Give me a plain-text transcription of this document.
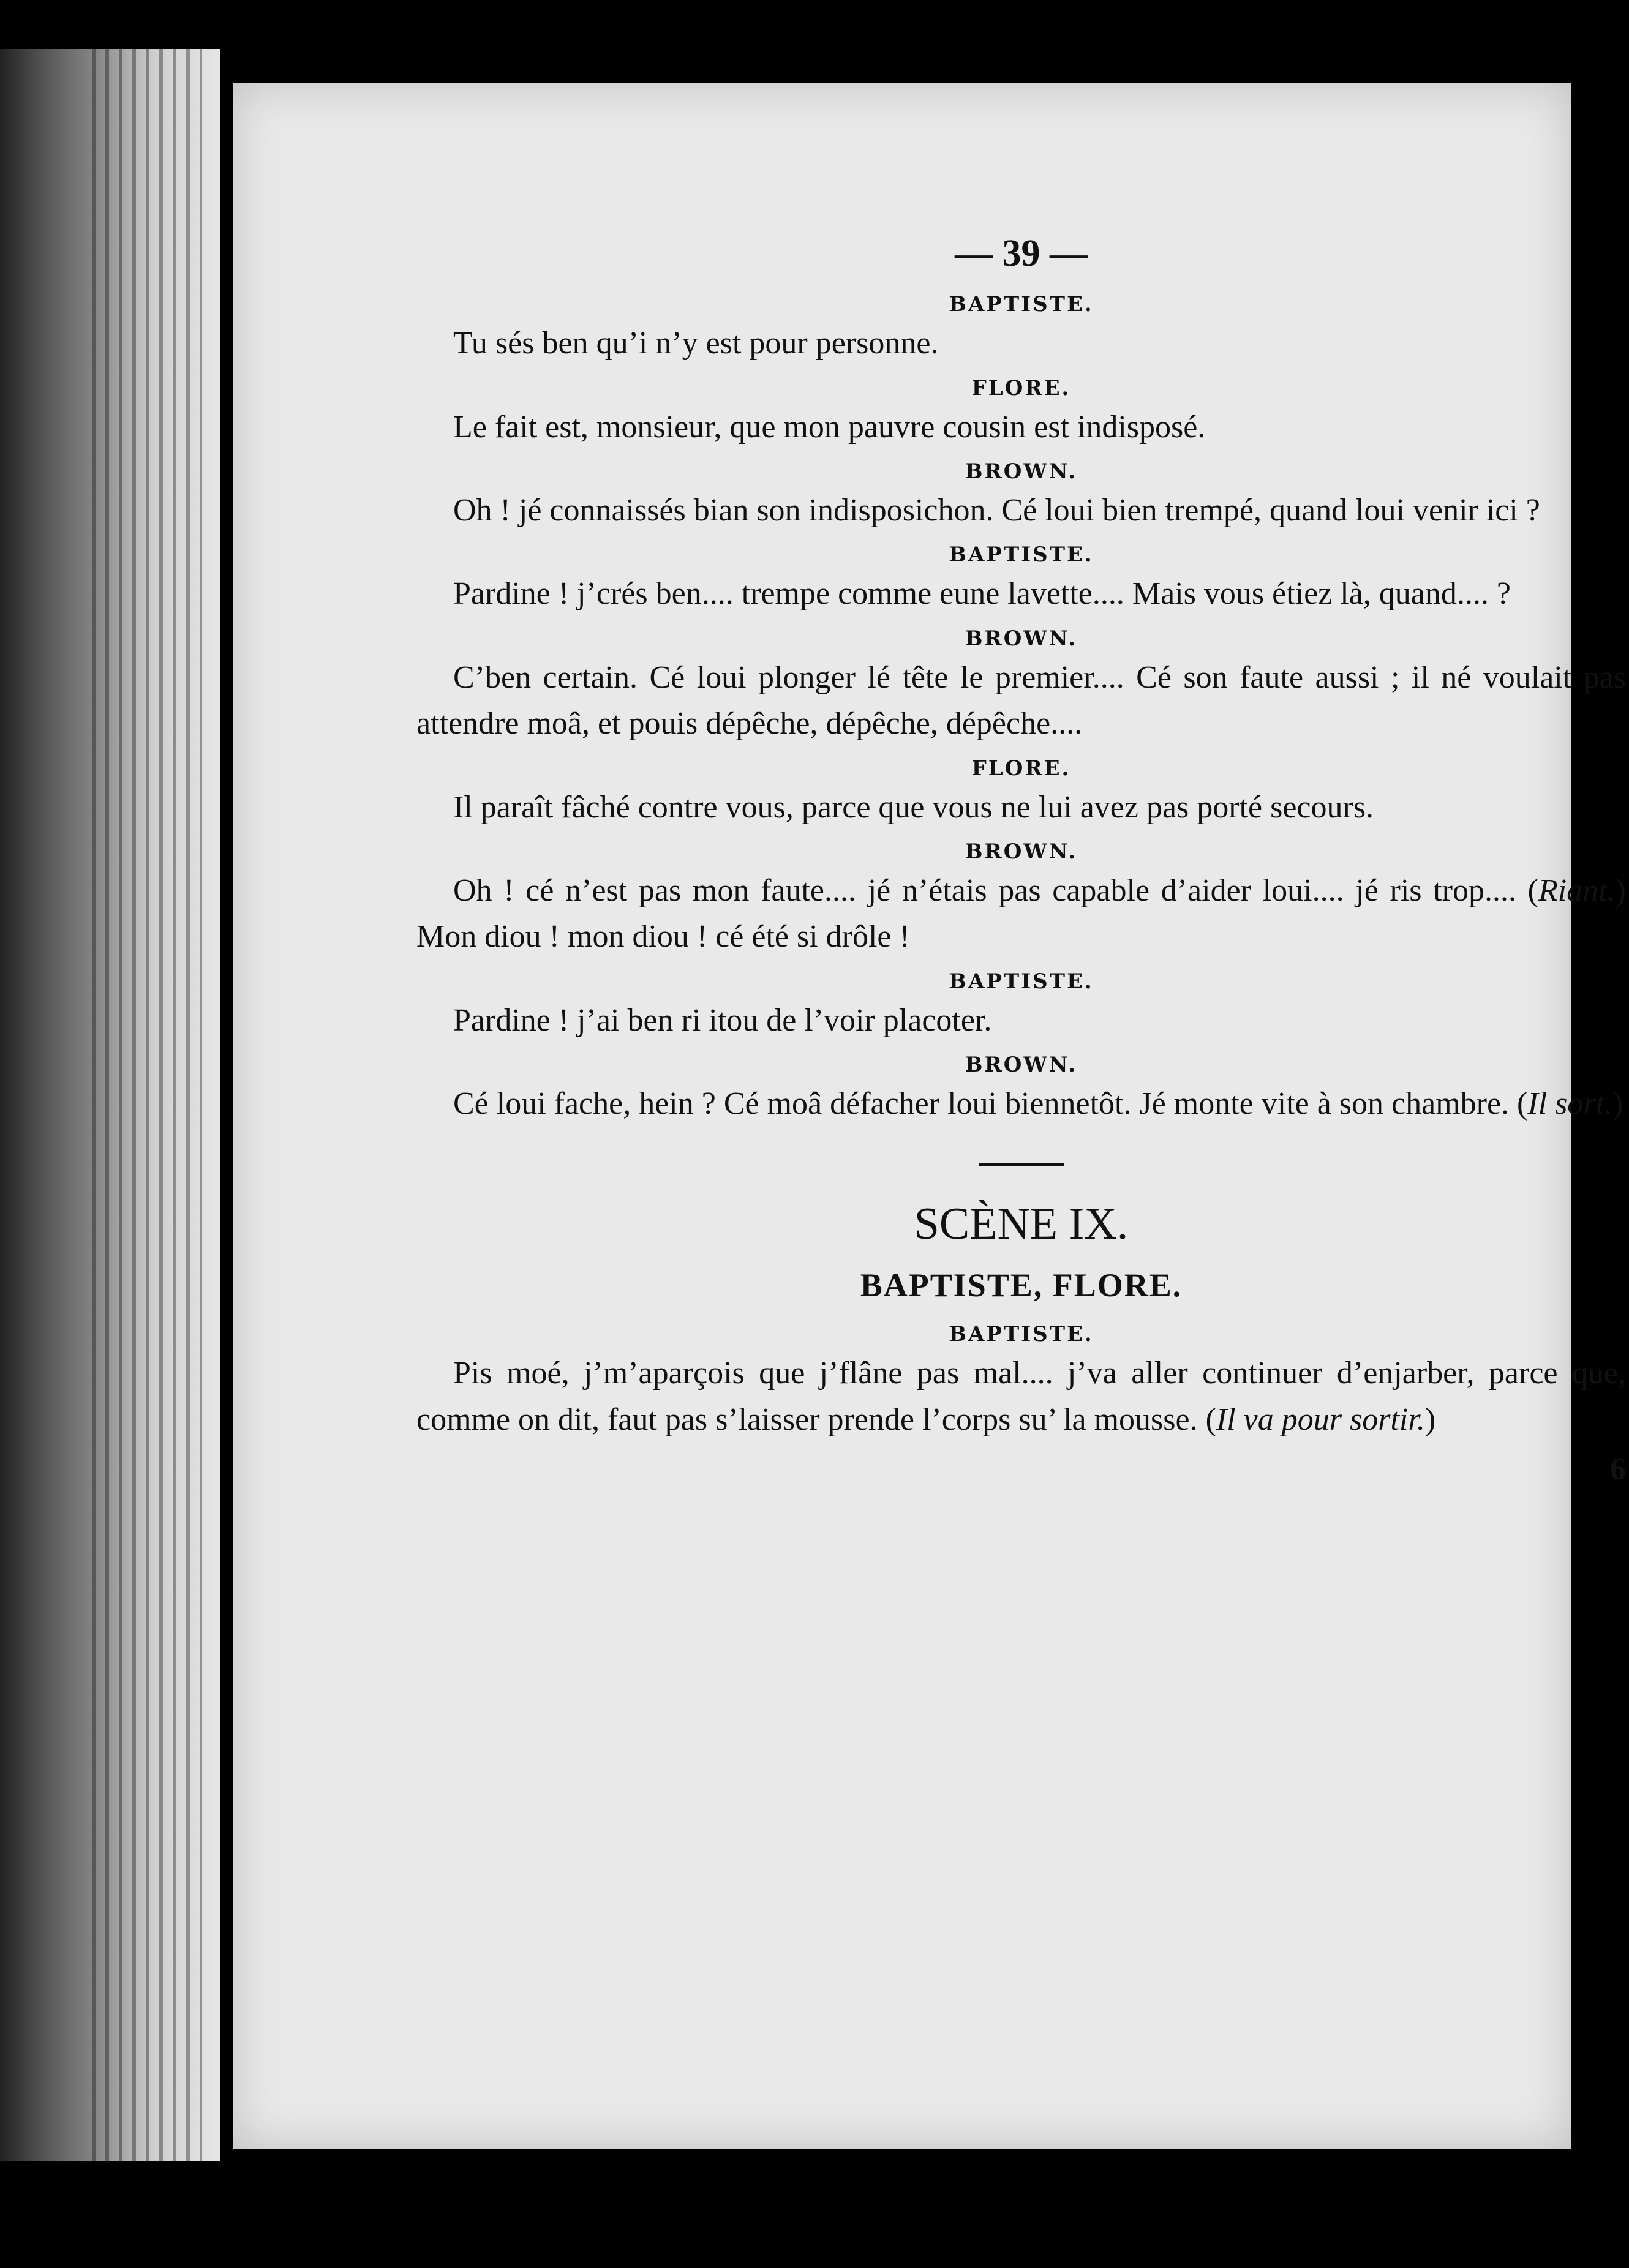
— 39 —
BAPTISTE.
Tu sés ben qu’i n’y est pour personne.
FLORE.
Le fait est, monsieur, que mon pauvre cousin est indisposé.
BROWN.
Oh ! jé connaissés bian son indisposichon. Cé loui bien trempé, quand loui venir ici ?
BAPTISTE.
Pardine ! j’crés ben.... trempe comme eune lavette.... Mais vous étiez là, quand.... ?
BROWN.
C’ben certain. Cé loui plonger lé tête le premier.... Cé son faute aussi ; il né voulait pas attendre moâ, et pouis dépêche, dépêche, dépêche....
FLORE.
Il paraît fâché contre vous, parce que vous ne lui avez pas porté secours.
BROWN.
Oh ! cé n’est pas mon faute.... jé n’étais pas capable d’aider loui.... jé ris trop.... (Riant.) Mon diou ! mon diou ! cé été si drôle !
BAPTISTE.
Pardine ! j’ai ben ri itou de l’voir placoter.
BROWN.
Cé loui fache, hein ? Cé moâ défacher loui biennetôt. Jé monte vite à son chambre. (Il sort.)
SCÈNE IX.
BAPTISTE, FLORE.
BAPTISTE.
Pis moé, j’m’aparçois que j’flâne pas mal.... j’va aller continuer d’enjarber, parce que, comme on dit, faut pas s’laisser prende l’corps su’ la mousse. (Il va pour sortir.)
6
